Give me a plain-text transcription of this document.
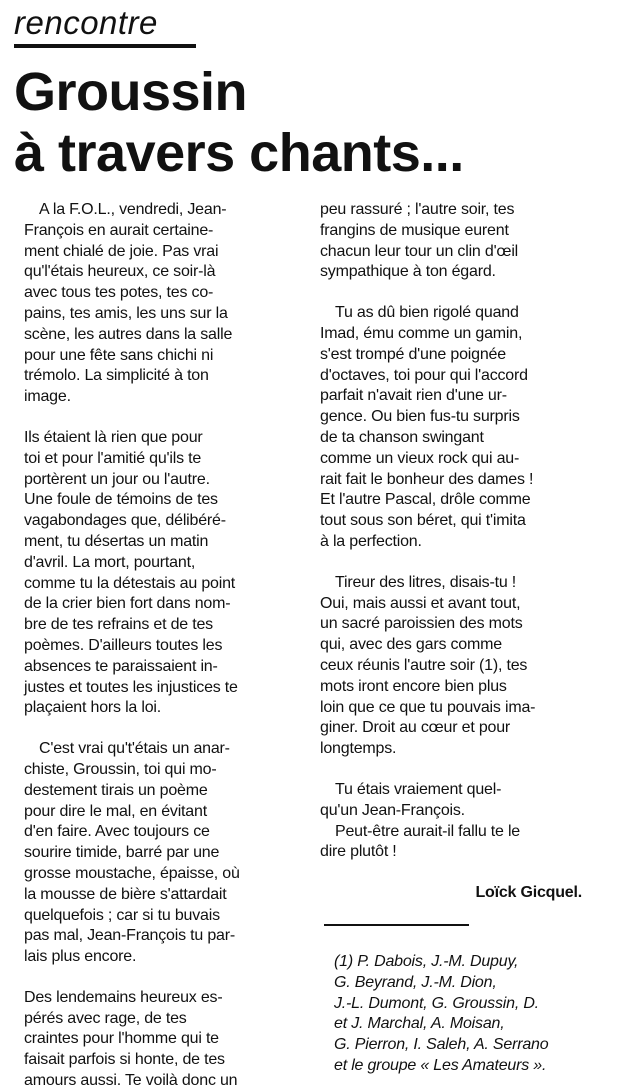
rencontre
Groussin
à travers chants...

A la F.O.L., vendredi, Jean-
François en aurait certaine-
ment chialé de joie. Pas vrai
qu'l'étais heureux, ce soir-là
avec tous tes potes, tes co-
pains, tes amis, les uns sur la
scène, les autres dans la salle
pour une fête sans chichi ni
trémolo. La simplicité à ton
image.

Ils étaient là rien que pour
toi et pour l'amitié qu'ils te
portèrent un jour ou l'autre.
Une foule de témoins de tes
vagabondages que, délibéré-
ment, tu désertas un matin
d'avril. La mort, pourtant,
comme tu la détestais au point
de la crier bien fort dans nom-
bre de tes refrains et de tes
poèmes. D'ailleurs toutes les
absences te paraissaient in-
justes et toutes les injustices te
plaçaient hors la loi.

C'est vrai qu't'étais un anar-
chiste, Groussin, toi qui mo-
destement tirais un poème
pour dire le mal, en évitant
d'en faire. Avec toujours ce
sourire timide, barré par une
grosse moustache, épaisse, où
la mousse de bière s'attardait
quelquefois ; car si tu buvais
pas mal, Jean-François tu par-
lais plus encore.

Des lendemains heureux es-
pérés avec rage, de tes
craintes pour l'homme qui te
faisait parfois si honte, de tes
amours aussi. Te voilà donc un

peu rassuré ; l'autre soir, tes
frangins de musique eurent
chacun leur tour un clin d'œil
sympathique à ton égard.

Tu as dû bien rigolé quand
Imad, ému comme un gamin,
s'est trompé d'une poignée
d'octaves, toi pour qui l'accord
parfait n'avait rien d'une ur-
gence. Ou bien fus-tu surpris
de ta chanson swingant
comme un vieux rock qui au-
rait fait le bonheur des dames !
Et l'autre Pascal, drôle comme
tout sous son béret, qui t'imita
à la perfection.

Tireur des litres, disais-tu !
Oui, mais aussi et avant tout,
un sacré paroissien des mots
qui, avec des gars comme
ceux réunis l'autre soir (1), tes
mots iront encore bien plus
loin que ce que tu pouvais ima-
giner. Droit au cœur et pour
longtemps.

Tu étais vraiement quel-
qu'un Jean-François.

Peut-être aurait-il fallu te le
dire plutôt !

Loïck Gicquel.

(1) P. Dabois, J.-M. Dupuy,
G. Beyrand, J.-M. Dion,
J.-L. Dumont, G. Groussin, D.
et J. Marchal, A. Moisan,
G. Pierron, I. Saleh, A. Serrano
et le groupe « Les Amateurs ».
